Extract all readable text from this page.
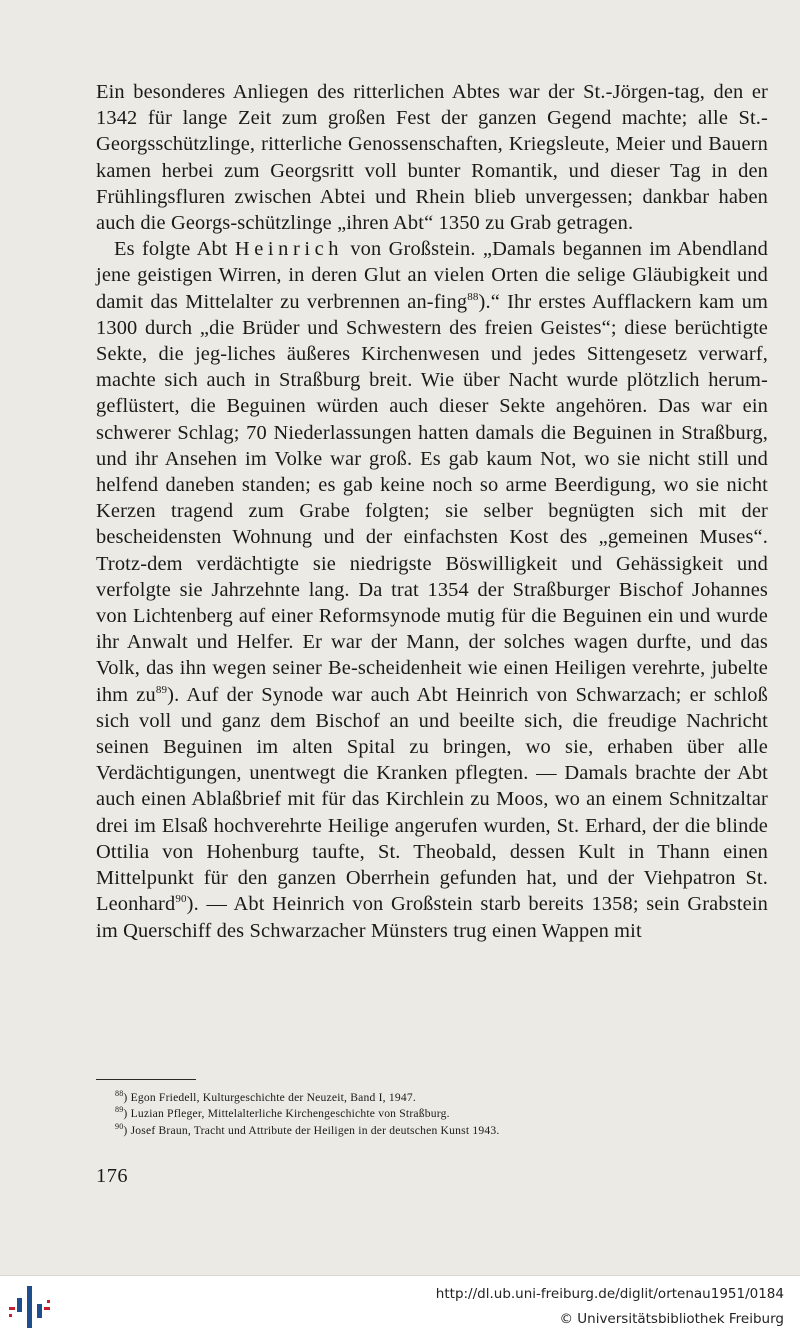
Ein besonderes Anliegen des ritterlichen Abtes war der St.-Jörgen-tag, den er 1342 für lange Zeit zum großen Fest der ganzen Gegend machte; alle St.-Georgsschützlinge, ritterliche Genossenschaften, Kriegsleute, Meier und Bauern kamen herbei zum Georgsritt voll bunter Romantik, und dieser Tag in den Frühlingsfluren zwischen Abtei und Rhein blieb unvergessen; dankbar haben auch die Georgs-schützlinge „ihren Abt“ 1350 zu Grab getragen.

Es folgte Abt Heinrich von Großstein. „Damals begannen im Abendland jene geistigen Wirren, in deren Glut an vielen Orten die selige Gläubigkeit und damit das Mittelalter zu verbrennen an-fing$^{88}$).“ Ihr erstes Aufflackern kam um 1300 durch „die Brüder und Schwestern des freien Geistes“; diese berüchtigte Sekte, die jeg-liches äußeres Kirchenwesen und jedes Sittengesetz verwarf, machte sich auch in Straßburg breit. Wie über Nacht wurde plötzlich herum-geflüstert, die Beguinen würden auch dieser Sekte angehören. Das war ein schwerer Schlag; 70 Niederlassungen hatten damals die Beguinen in Straßburg, und ihr Ansehen im Volke war groß. Es gab kaum Not, wo sie nicht still und helfend daneben standen; es gab keine noch so arme Beerdigung, wo sie nicht Kerzen tragend zum Grabe folgten; sie selber begnügten sich mit der bescheidensten Wohnung und der einfachsten Kost des „gemeinen Muses“. Trotz-dem verdächtigte sie niedrigste Böswilligkeit und Gehässigkeit und verfolgte sie Jahrzehnte lang. Da trat 1354 der Straßburger Bischof Johannes von Lichtenberg auf einer Reformsynode mutig für die Beguinen ein und wurde ihr Anwalt und Helfer. Er war der Mann, der solches wagen durfte, und das Volk, das ihn wegen seiner Be-scheidenheit wie einen Heiligen verehrte, jubelte ihm $zu^{89}$). Auf der Synode war auch Abt Heinrich von Schwarzach; er schloß sich voll und ganz dem Bischof an und beeilte sich, die freudige Nachricht seinen Beguinen im alten Spital zu bringen, wo sie, erhaben über alle Verdächtigungen, unentwegt die Kranken pflegten. — Damals brachte der Abt auch einen Ablaßbrief mit für das Kirchlein zu Moos, wo an einem Schnitzaltar drei im Elsaß hochverehrte Heilige angerufen wurden, St. Erhard, der die blinde Ottilia von Hohenburg taufte, St. Theobald, dessen Kult in Thann einen Mittelpunkt für den ganzen Oberrhein gefunden hat, und der Viehpatron St. Leonhard$^{90}$). — Abt Heinrich von Großstein starb bereits 1358; sein Grabstein im Querschiff des Schwarzacher Münsters trug einen Wappen mit

$^{88}$) Egon Friedell, Kulturgeschichte der Neuzeit, Band I, 1947.
$^{89}$) Luzian Pfleger, Mittelalterliche Kirchengeschichte von Straßburg.
$^{90}$) Josef Braun, Tracht und Attribute der Heiligen in der deutschen Kunst 1943.
176
http://dl.ub.uni-freiburg.de/diglit/ortenau1951/0184
© Universitätsbibliothek Freiburg
